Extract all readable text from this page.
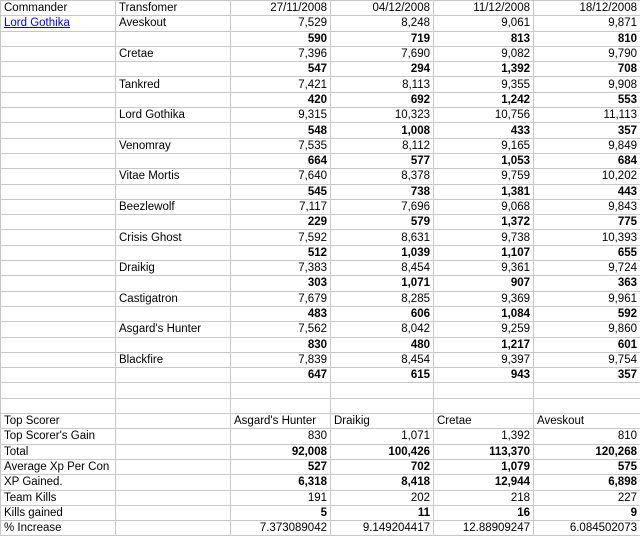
Commander	Transfomer	27/11/2008	04/12/2008	11/12/2008	18/12/2008
Lord Gothika	Aveskout	7,529	8,248	9,061	9,871
		590	719	813	810
	Cretae	7,396	7,690	9,082	9,790
		547	294	1,392	708
	Tankred	7,421	8,113	9,355	9,908
		420	692	1,242	553
	Lord Gothika	9,315	10,323	10,756	11,113
		548	1,008	433	357
	Venomray	7,535	8,112	9,165	9,849
		664	577	1,053	684
	Vitae Mortis	7,640	8,378	9,759	10,202
		545	738	1,381	443
	Beezlewolf	7,117	7,696	9,068	9,843
		229	579	1,372	775
	Crisis Ghost	7,592	8,631	9,738	10,393
		512	1,039	1,107	655
	Draikig	7,383	8,454	9,361	9,724
		303	1,071	907	363
	Castigatron	7,679	8,285	9,369	9,961
		483	606	1,084	592
	Asgard's Hunter	7,562	8,042	9,259	9,860
		830	480	1,217	601
	Blackfire	7,839	8,454	9,397	9,754
		647	615	943	357

Top Scorer		Asgard's Hunter	Draikig	Cretae	Aveskout
Top Scorer's Gain		830	1,071	1,392	810
Total		92,008	100,426	113,370	120,268
Average Xp Per Con		527	702	1,079	575
XP Gained.		6,318	8,418	12,944	6,898
Team Kills		191	202	218	227
Kills gained		5	11	16	9
% Increase		7.373089042	9.149204417	12.88909247	6.084502073
